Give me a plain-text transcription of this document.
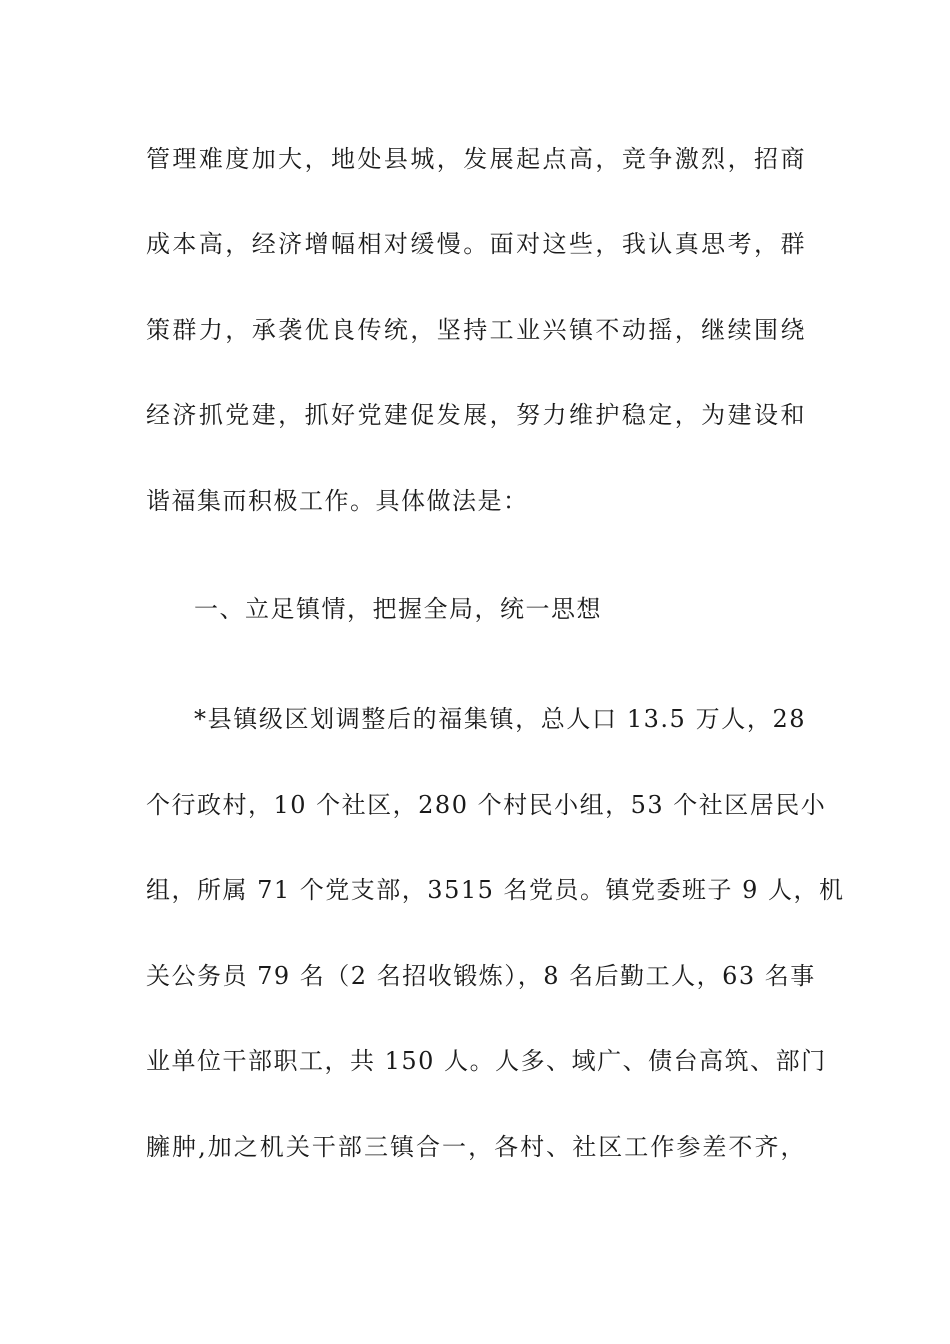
管理难度加大，地处县城，发展起点高，竞争激烈，招商
成本高，经济增幅相对缓慢。面对这些，我认真思考，群
策群力，承袭优良传统，坚持工业兴镇不动摇，继续围绕
经济抓党建，抓好党建促发展，努力维护稳定，为建设和
谐福集而积极工作。具体做法是：
一、立足镇情，把握全局，统一思想
*县镇级区划调整后的福集镇，总人口 13.5 万人，28
个行政村，10 个社区，280 个村民小组，53 个社区居民小
组，所属 71 个党支部，3515 名党员。镇党委班子 9 人，机
关公务员 79 名（2 名招收锻炼），8 名后勤工人，63 名事
业单位干部职工，共 150 人。人多、域广、债台高筑、部门
臃肿,加之机关干部三镇合一，各村、社区工作参差不齐，
